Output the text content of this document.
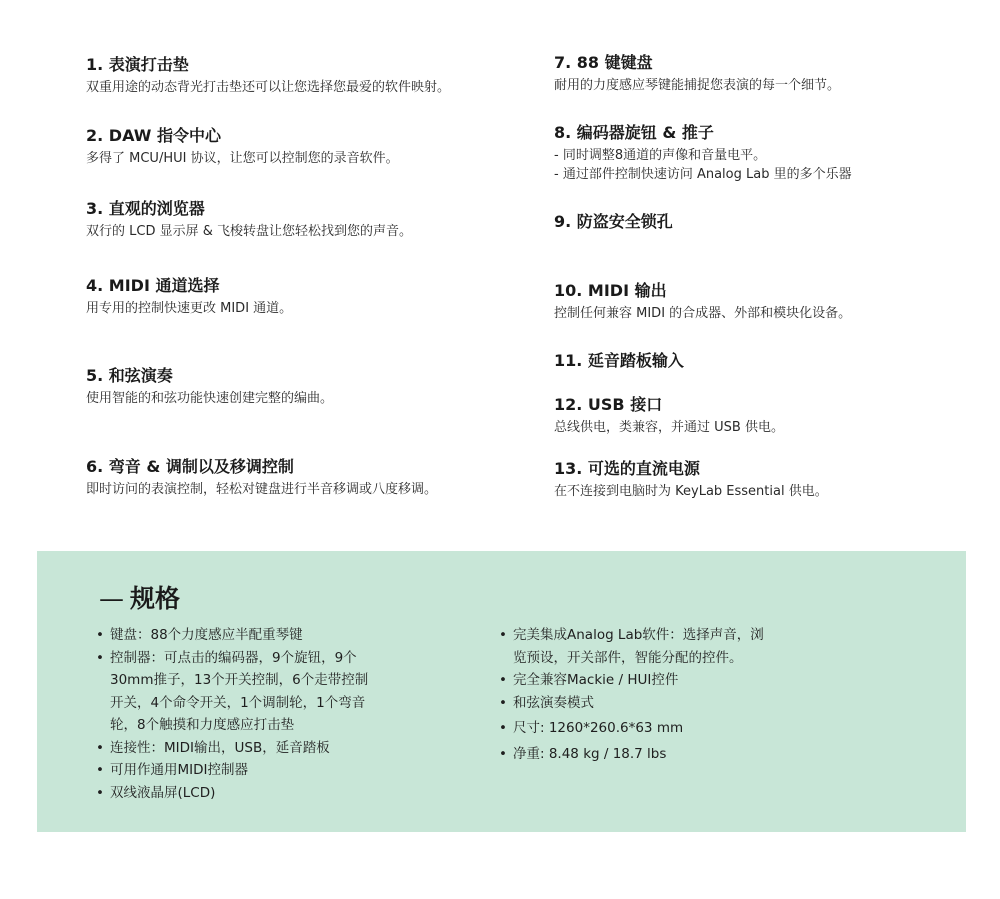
1. 表演打击垫
双重用途的动态背光打击垫还可以让您选择您最爱的软件映射。
2. DAW 指令中心
多得了 MCU/HUI 协议，让您可以控制您的录音软件。
3. 直观的浏览器
双行的 LCD 显示屏 & 飞梭转盘让您轻松找到您的声音。
4. MIDI 通道选择
用专用的控制快速更改 MIDI 通道。
5. 和弦演奏
使用智能的和弦功能快速创建完整的编曲。
6. 弯音 & 调制以及移调控制
即时访问的表演控制，轻松对键盘进行半音移调或八度移调。
7. 88 键键盘
耐用的力度感应琴键能捕捉您表演的每一个细节。
8. 编码器旋钮 & 推子
- 同时调整8通道的声像和音量电平。
- 通过部件控制快速访问 Analog Lab 里的多个乐器
9. 防盗安全锁孔
10. MIDI 输出
控制任何兼容 MIDI 的合成器、外部和模块化设备。
11. 延音踏板输入
12. USB 接口
总线供电，类兼容，并通过 USB 供电。
13. 可选的直流电源
在不连接到电脑时为 KeyLab Essential 供电。
— 规格
• 键盘：88个力度感应半配重琴键
• 控制器：可点击的编码器，9个旋钮，9个
30mm推子，13个开关控制，6个走带控制
开关，4个命令开关，1个调制轮，1个弯音
轮，8个触摸和力度感应打击垫
• 连接性：MIDI输出，USB，延音踏板
• 可用作通用MIDI控制器
• 双线液晶屏(LCD)
• 完美集成Analog Lab软件：选择声音，浏
览预设，开关部件，智能分配的控件。
• 完全兼容Mackie / HUI控件
• 和弦演奏模式
• 尺寸: 1260*260.6*63 mm
• 净重: 8.48 kg / 18.7 lbs
